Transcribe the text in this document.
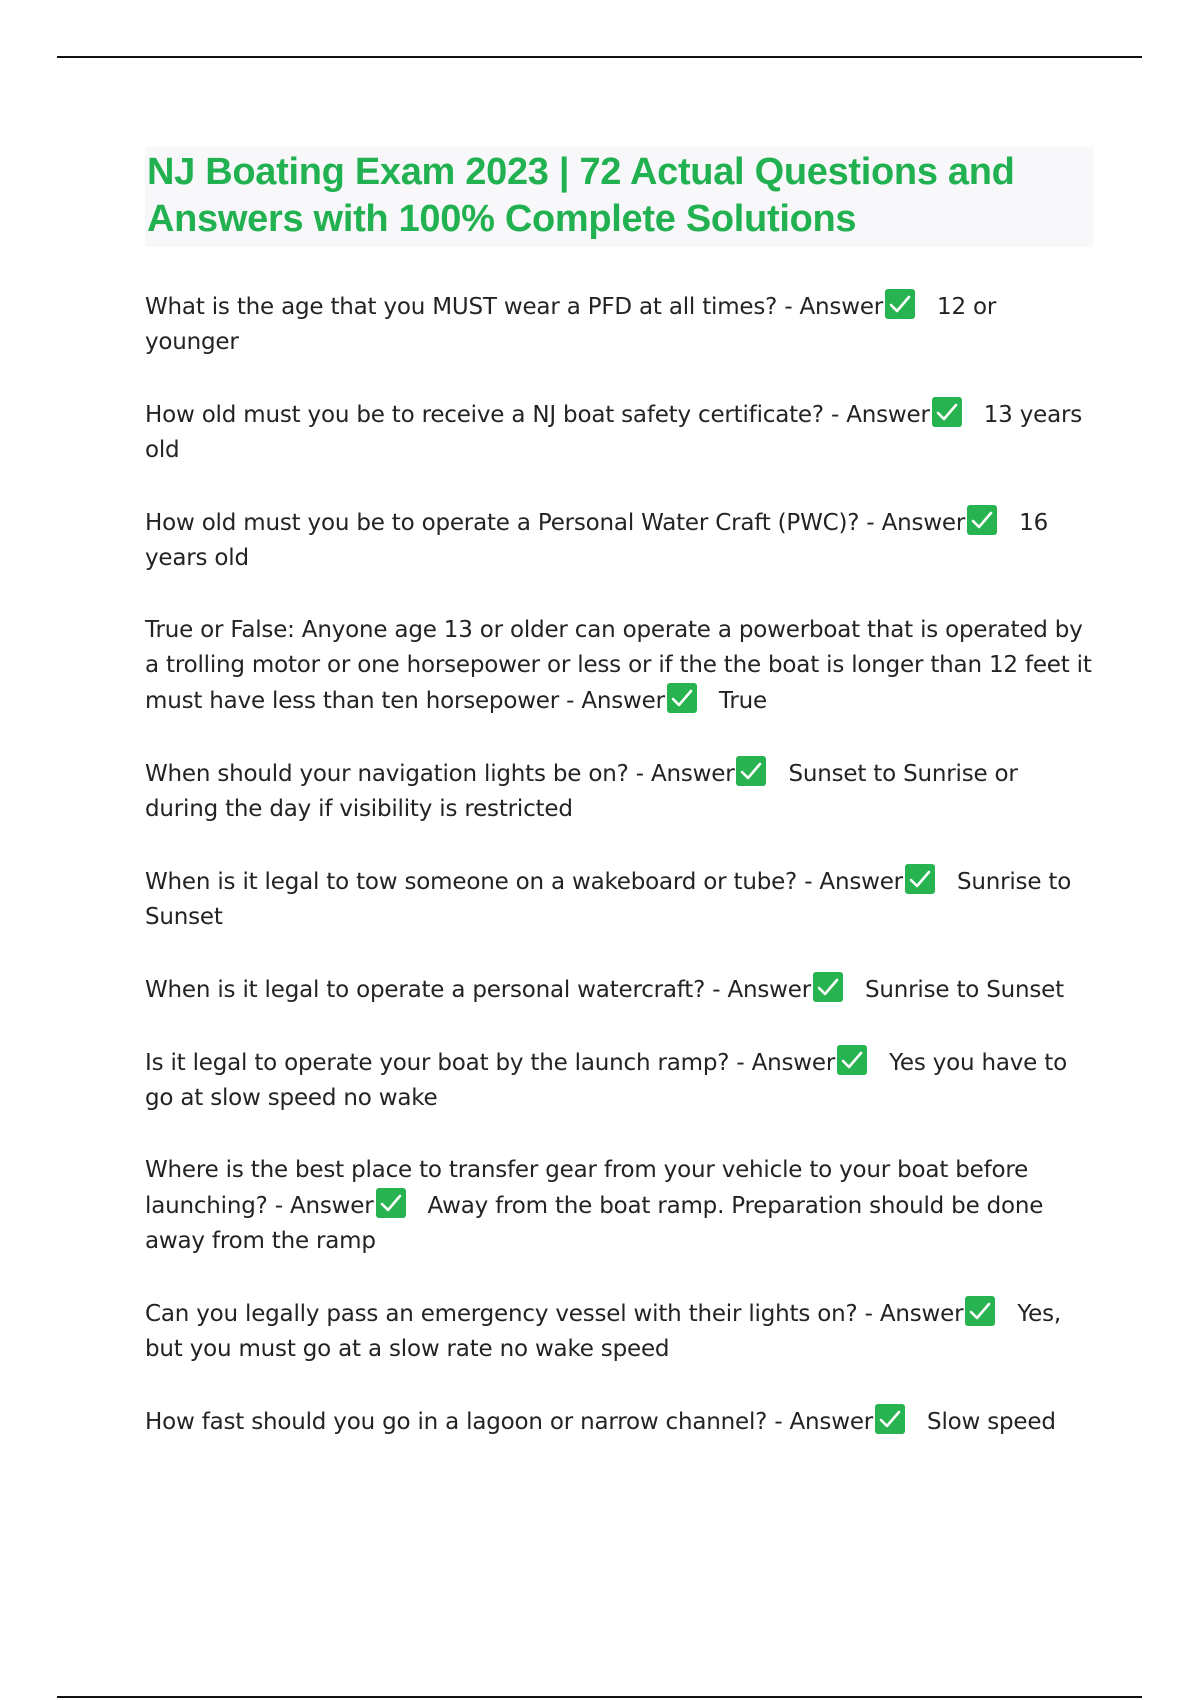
NJ Boating Exam 2023 | 72 Actual Questions and Answers with 100% Complete Solutions
What is the age that you MUST wear a PFD at all times? - Answer 12 or younger
How old must you be to receive a NJ boat safety certificate? - Answer 13 years old
How old must you be to operate a Personal Water Craft (PWC)? - Answer 16 years old
True or False: Anyone age 13 or older can operate a powerboat that is operated by a trolling motor or one horsepower or less or if the the boat is longer than 12 feet it must have less than ten horsepower - Answer True
When should your navigation lights be on? - Answer Sunset to Sunrise or during the day if visibility is restricted
When is it legal to tow someone on a wakeboard or tube? - Answer Sunrise to Sunset
When is it legal to operate a personal watercraft? - Answer Sunrise to Sunset
Is it legal to operate your boat by the launch ramp? - Answer Yes you have to go at slow speed no wake
Where is the best place to transfer gear from your vehicle to your boat before launching? - Answer Away from the boat ramp. Preparation should be done away from the ramp
Can you legally pass an emergency vessel with their lights on? - Answer Yes, but you must go at a slow rate no wake speed
How fast should you go in a lagoon or narrow channel? - Answer Slow speed
